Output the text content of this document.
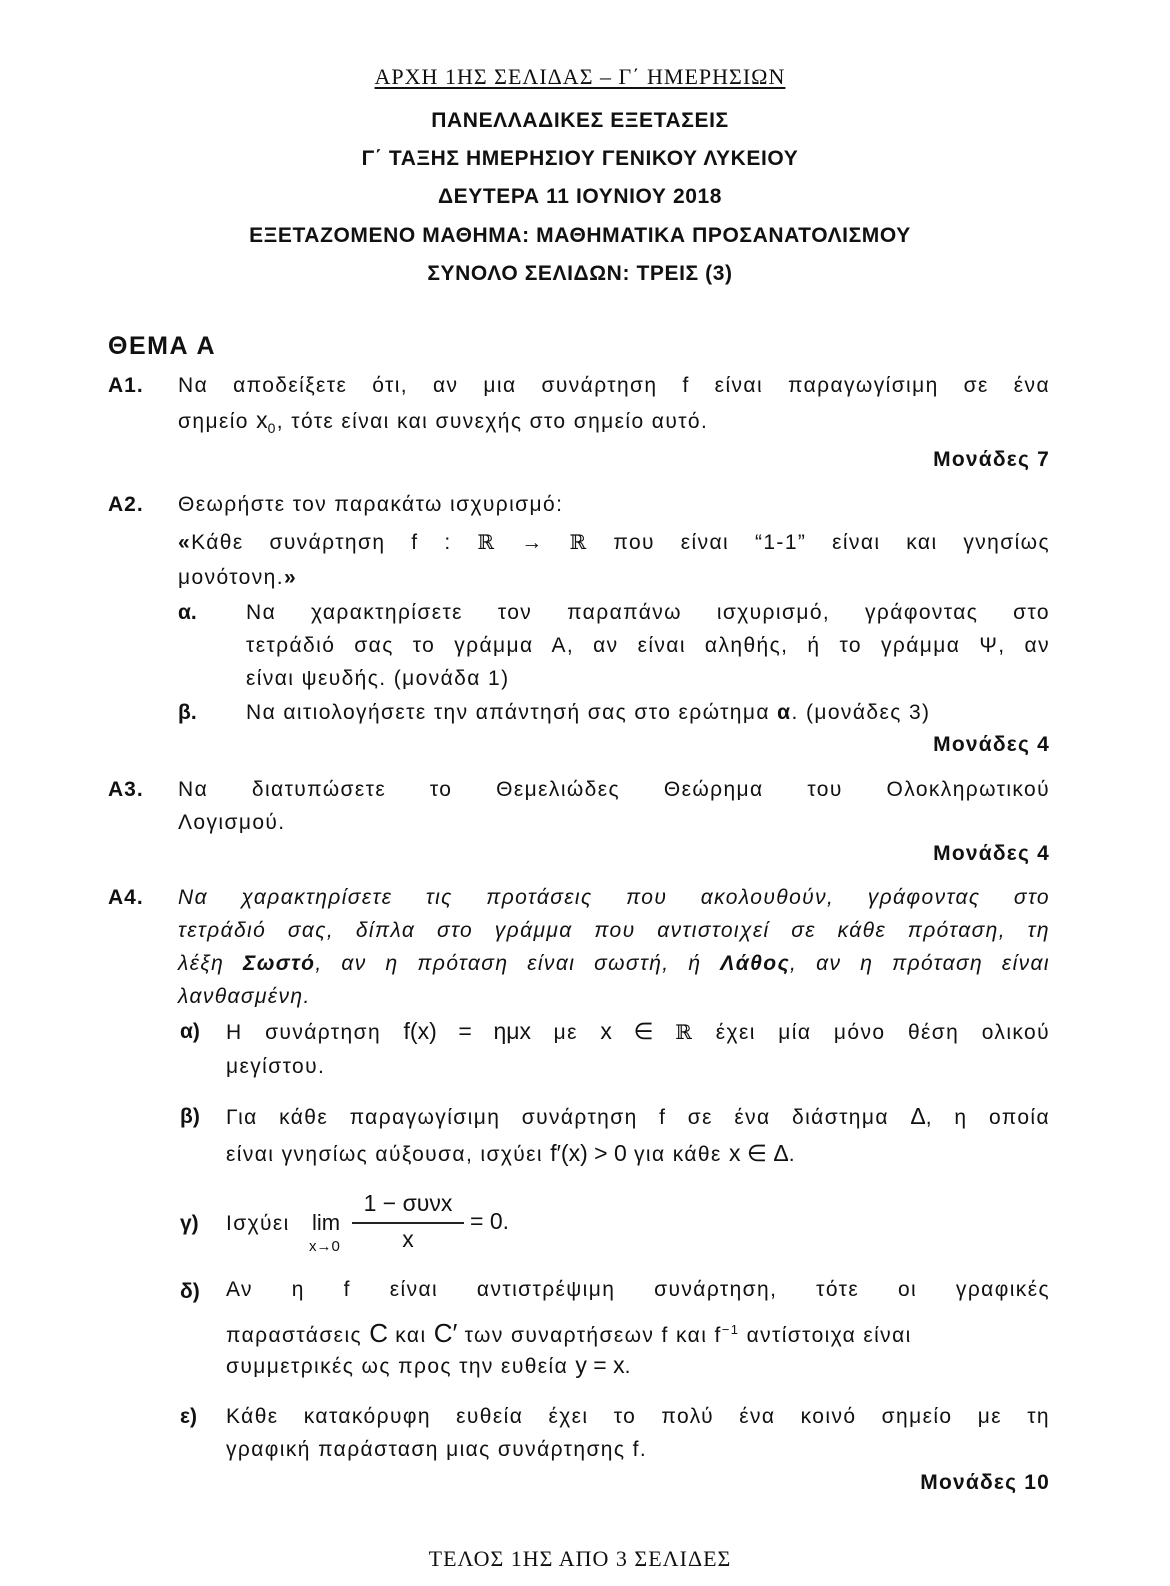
ΑΡΧΗ 1ΗΣ ΣΕΛΙΔΑΣ – Γ΄ ΗΜΕΡΗΣΙΩΝ
ΠΑΝΕΛΛΑΔΙΚΕΣ ΕΞΕΤΑΣΕΙΣ
Γ΄ ΤΑΞΗΣ ΗΜΕΡΗΣΙΟΥ ΓΕΝΙΚΟΥ ΛΥΚΕΙΟΥ
ΔΕΥΤΕΡΑ 11 ΙΟΥΝΙΟΥ 2018
ΕΞΕΤΑΖΟΜΕΝΟ ΜΑΘΗΜΑ: ΜΑΘΗΜΑΤΙΚΑ ΠΡΟΣΑΝΑΤΟΛΙΣΜΟΥ
ΣΥΝΟΛΟ ΣΕΛΙΔΩΝ: ΤΡΕΙΣ (3)
ΘΕΜΑ Α
Α1. Να αποδείξετε ότι, αν μια συνάρτηση f είναι παραγωγίσιμη σε ένα
σημείο $x_0$, τότε είναι και συνεχής στο σημείο αυτό.
Μονάδες 7
Α2. Θεωρήστε τον παρακάτω ισχυρισμό:
«Κάθε συνάρτηση f : ℝ → ℝ που είναι “1-1” είναι και γνησίως
μονότονη.»
α. Να χαρακτηρίσετε τον παραπάνω ισχυρισμό, γράφοντας στο
τετράδιό σας το γράμμα Α, αν είναι αληθής, ή το γράμμα Ψ, αν
είναι ψευδής. (μονάδα 1)
β. Να αιτιολογήσετε την απάντησή σας στο ερώτημα α. (μονάδες 3)
Μονάδες 4
Α3. Να διατυπώσετε το Θεμελιώδες Θεώρημα του Ολοκληρωτικού
Λογισμού.
Μονάδες 4
Α4. Να χαρακτηρίσετε τις προτάσεις που ακολουθούν, γράφοντας στο
τετράδιό σας, δίπλα στο γράμμα που αντιστοιχεί σε κάθε πρόταση, τη
λέξη Σωστό, αν η πρόταση είναι σωστή, ή Λάθος, αν η πρόταση είναι
λανθασμένη.
α) Η συνάρτηση f(x) = ημx με x ∈ ℝ έχει μία μόνο θέση ολικού
μεγίστου.
β) Για κάθε παραγωγίσιμη συνάρτηση f σε ένα διάστημα Δ, η οποία
είναι γνησίως αύξουσα, ισχύει f′(x) > 0 για κάθε x ∈ Δ.
γ) Ισχύει lim
x→0
1 − συνx
x
= 0.
δ) Αν η f είναι αντιστρέψιμη συνάρτηση, τότε οι γραφικές
παραστάσεις C και C′ των συναρτήσεων f και $f^{-1}$ αντίστοιχα είναι
συμμετρικές ως προς την ευθεία y = x.
ε) Κάθε κατακόρυφη ευθεία έχει το πολύ ένα κοινό σημείο με τη
γραφική παράσταση μιας συνάρτησης f.
Μονάδες 10
ΤΕΛΟΣ 1ΗΣ ΑΠΟ 3 ΣΕΛΙΔΕΣ
